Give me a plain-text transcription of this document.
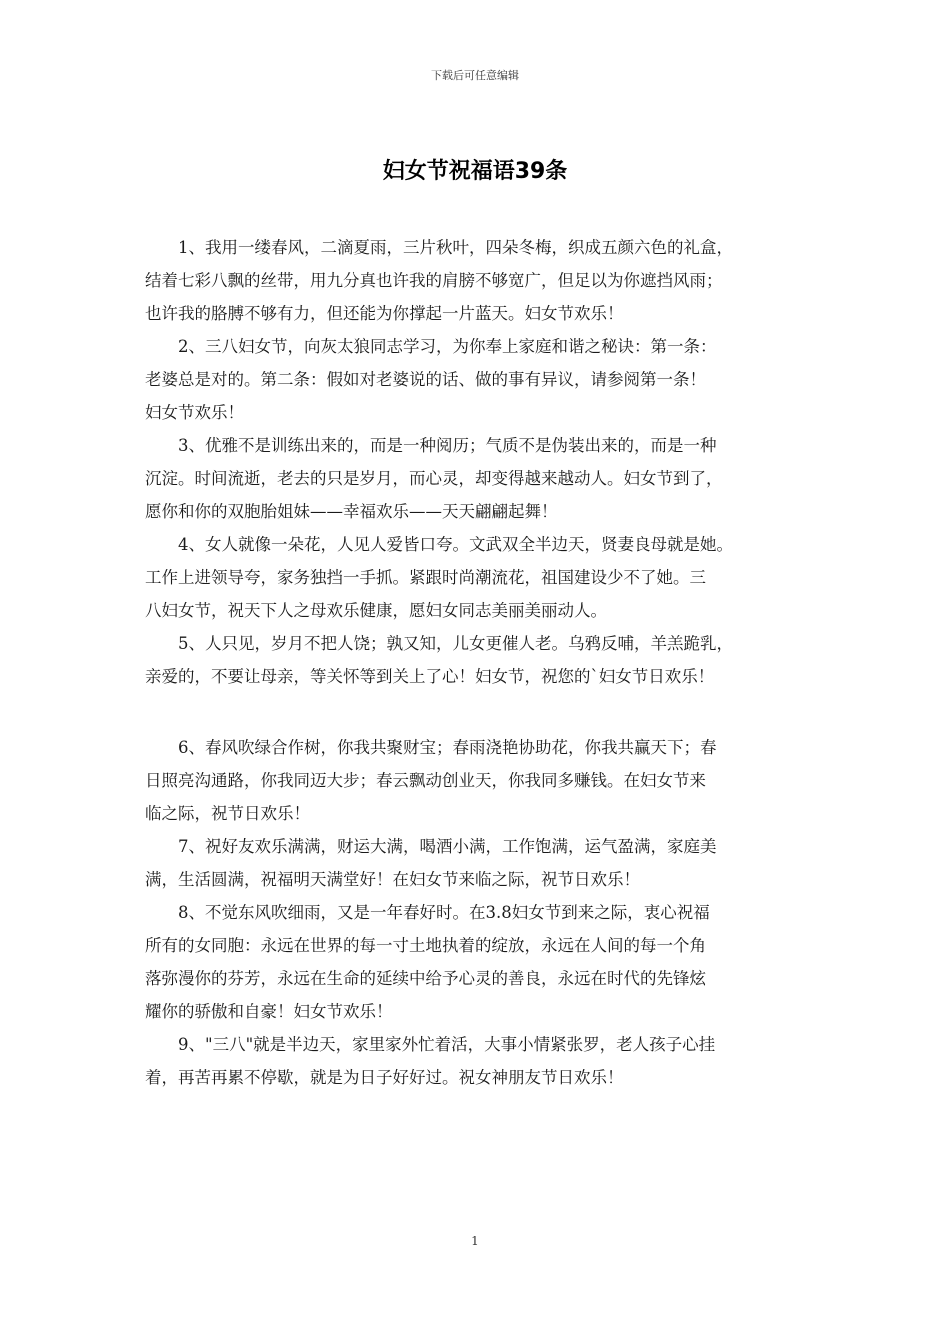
下载后可任意编辑
妇女节祝福语39条

1、我用一缕春风，二滴夏雨，三片秋叶，四朵冬梅，织成五颜六色的礼盒，
结着七彩八飘的丝带，用九分真也许我的肩膀不够宽广，但足以为你遮挡风雨；
也许我的胳膊不够有力，但还能为你撑起一片蓝天。妇女节欢乐！

2、三八妇女节，向灰太狼同志学习，为你奉上家庭和谐之秘诀：第一条：
老婆总是对的。第二条：假如对老婆说的话、做的事有异议，请参阅第一条！
妇女节欢乐！

3、优雅不是训练出来的，而是一种阅历；气质不是伪装出来的，而是一种
沉淀。时间流逝，老去的只是岁月，而心灵，却变得越来越动人。妇女节到了，
愿你和你的双胞胎姐妹——幸福欢乐——天天翩翩起舞！

4、女人就像一朵花，人见人爱皆口夸。文武双全半边天，贤妻良母就是她。
工作上进领导夸，家务独挡一手抓。紧跟时尚潮流花，祖国建设少不了她。三
八妇女节，祝天下人之母欢乐健康，愿妇女同志美丽美丽动人。

5、人只见，岁月不把人饶；孰又知，儿女更催人老。乌鸦反哺，羊羔跪乳，
亲爱的，不要让母亲，等关怀等到关上了心！妇女节，祝您的`妇女节日欢乐！

6、春风吹绿合作树，你我共聚财宝；春雨浇艳协助花，你我共赢天下；春
日照亮沟通路，你我同迈大步；春云飘动创业天，你我同多赚钱。在妇女节来
临之际，祝节日欢乐！

7、祝好友欢乐满满，财运大满，喝酒小满，工作饱满，运气盈满，家庭美
满，生活圆满，祝福明天满堂好！在妇女节来临之际，祝节日欢乐！

8、不觉东风吹细雨，又是一年春好时。在3.8妇女节到来之际，衷心祝福
所有的女同胞：永远在世界的每一寸土地执着的绽放，永远在人间的每一个角
落弥漫你的芬芳，永远在生命的延续中给予心灵的善良，永远在时代的先锋炫
耀你的骄傲和自豪！妇女节欢乐！

9、"三八"就是半边天，家里家外忙着活，大事小情紧张罗，老人孩子心挂
着，再苦再累不停歇，就是为日子好好过。祝女神朋友节日欢乐！

1
